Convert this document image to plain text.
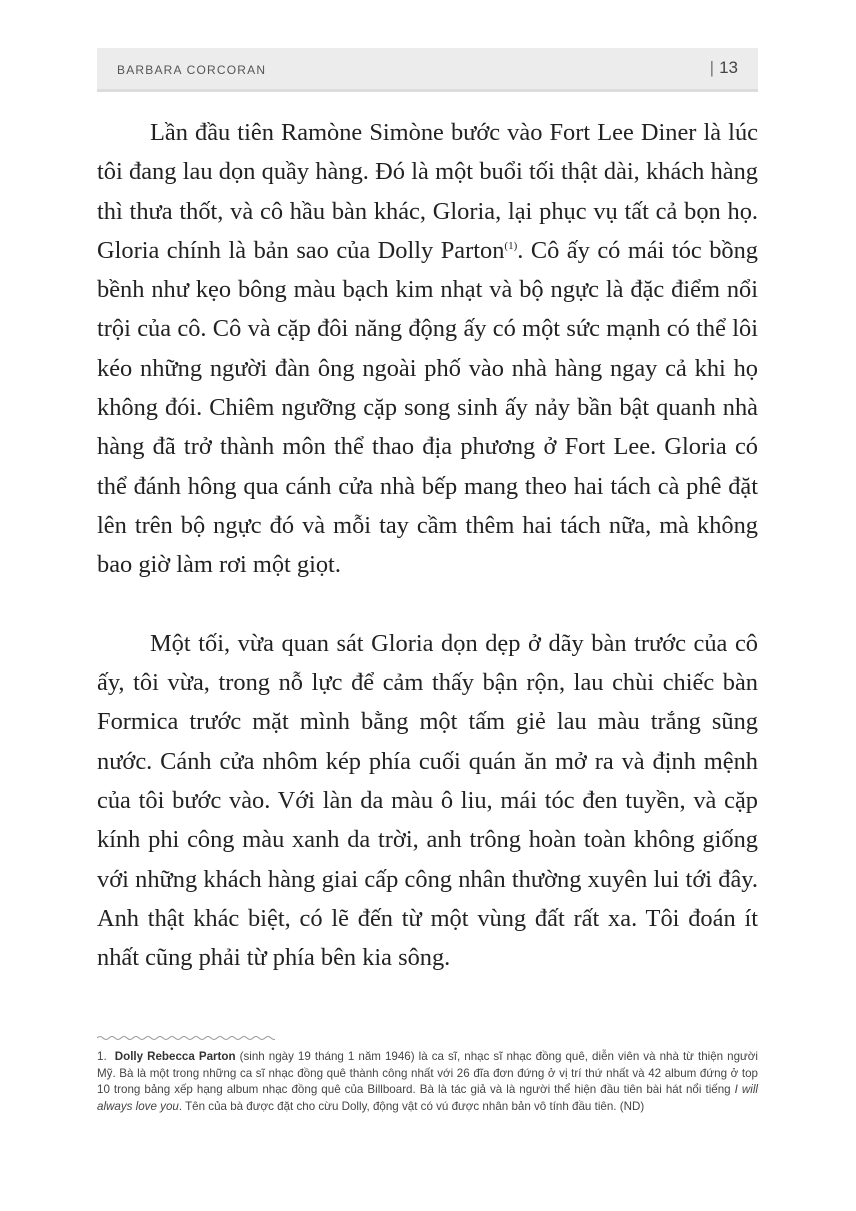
BARBARA CORCORAN	| 13

Lần đầu tiên Ramòne Simòne bước vào Fort Lee Diner là lúc tôi đang lau dọn quầy hàng. Đó là một buổi tối thật dài, khách hàng thì thưa thốt, và cô hầu bàn khác, Gloria, lại phục vụ tất cả bọn họ. Gloria chính là bản sao của Dolly Parton$^{(1)}$. Cô ấy có mái tóc bồng bềnh như kẹo bông màu bạch kim nhạt và bộ ngực là đặc điểm nổi trội của cô. Cô và cặp đôi năng động ấy có một sức mạnh có thể lôi kéo những người đàn ông ngoài phố vào nhà hàng ngay cả khi họ không đói. Chiêm ngưỡng cặp song sinh ấy nảy bần bật quanh nhà hàng đã trở thành môn thể thao địa phương ở Fort Lee. Gloria có thể đánh hông qua cánh cửa nhà bếp mang theo hai tách cà phê đặt lên trên bộ ngực đó và mỗi tay cầm thêm hai tách nữa, mà không bao giờ làm rơi một giọt.

Một tối, vừa quan sát Gloria dọn dẹp ở dãy bàn trước của cô ấy, tôi vừa, trong nỗ lực để cảm thấy bận rộn, lau chùi chiếc bàn Formica trước mặt mình bằng một tấm giẻ lau màu trắng sũng nước. Cánh cửa nhôm kép phía cuối quán ăn mở ra và định mệnh của tôi bước vào. Với làn da màu ô liu, mái tóc đen tuyền, và cặp kính phi công màu xanh da trời, anh trông hoàn toàn không giống với những khách hàng giai cấp công nhân thường xuyên lui tới đây. Anh thật khác biệt, có lẽ đến từ một vùng đất rất xa. Tôi đoán ít nhất cũng phải từ phía bên kia sông.

1. Dolly Rebecca Parton (sinh ngày 19 tháng 1 năm 1946) là ca sĩ, nhạc sĩ nhạc đồng quê, diễn viên và nhà từ thiện người Mỹ. Bà là một trong những ca sĩ nhạc đồng quê thành công nhất với 26 đĩa đơn đứng ở vị trí thứ nhất và 42 album đứng ở top 10 trong bảng xếp hạng album nhạc đồng quê của Billboard. Bà là tác giả và là người thể hiện đầu tiên bài hát nổi tiếng I will always love you. Tên của bà được đặt cho cừu Dolly, động vật có vú được nhân bản vô tính đầu tiên. (ND)
